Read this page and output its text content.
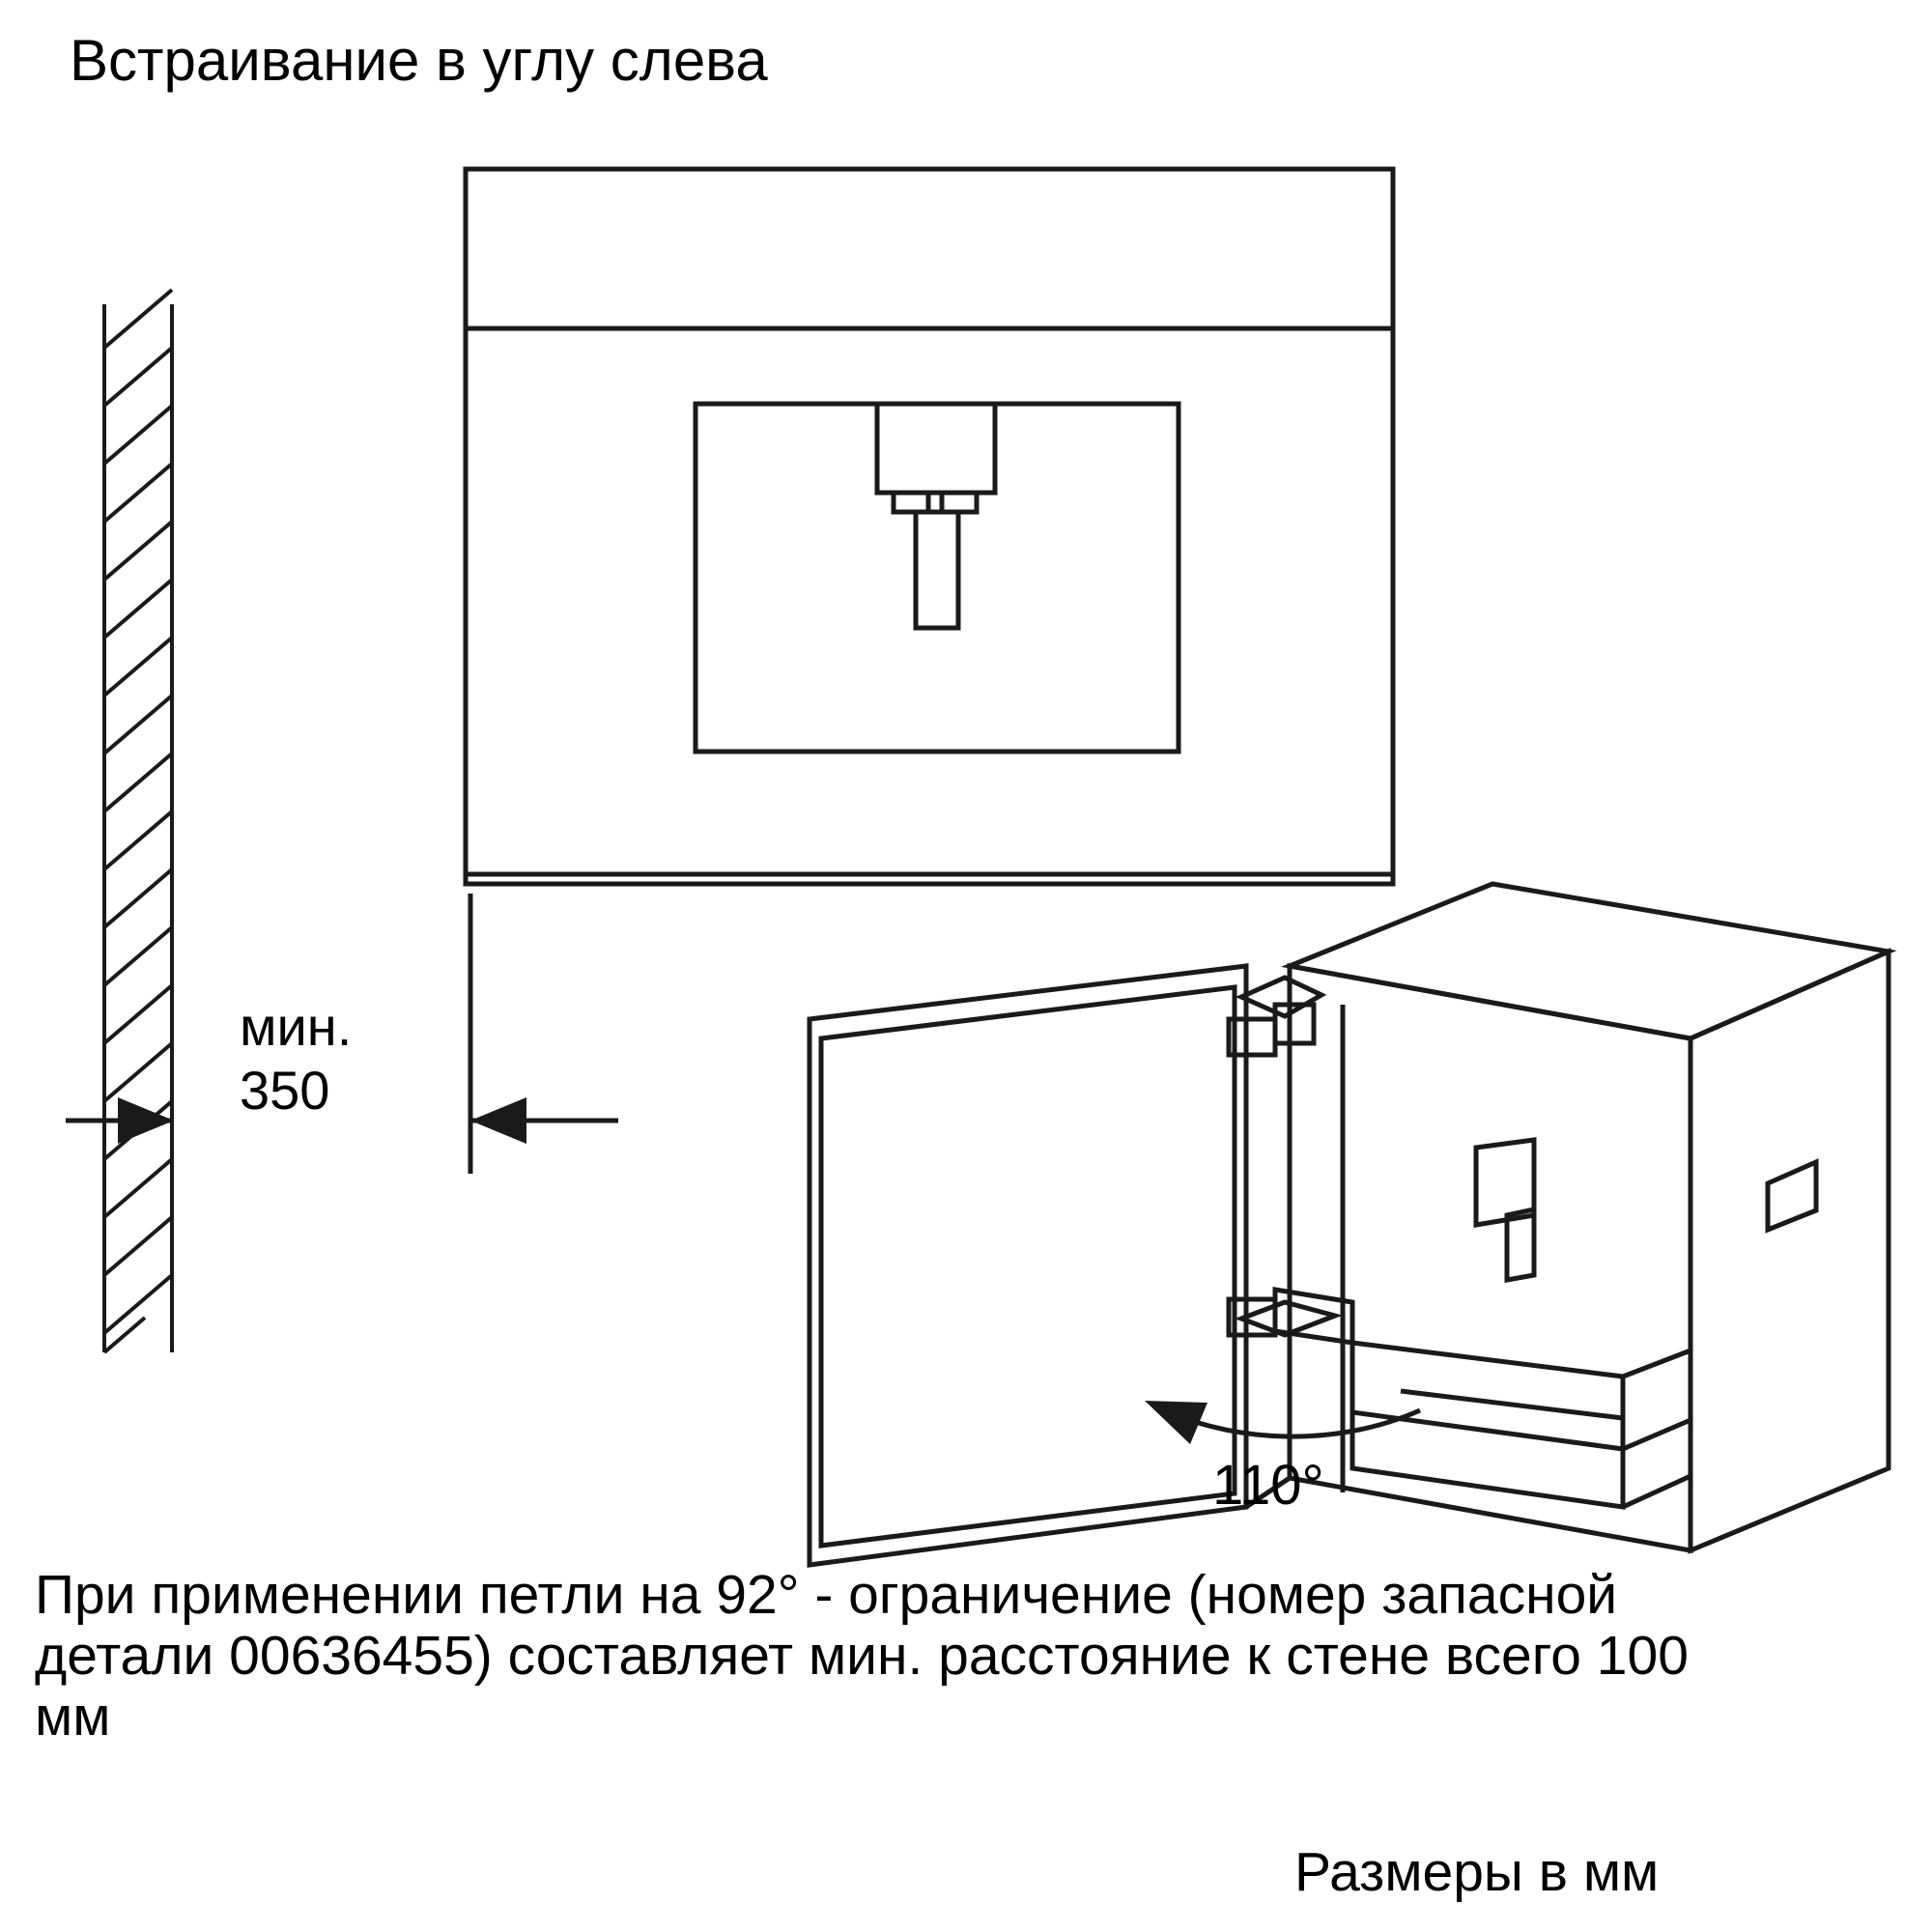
Встраивание в углу слева
мин.
350
110°
При применении петли на 92° - ограничение (номер запасной детали 00636455) составляет мин. расстояние к стене всего 100 мм
Размеры в мм
